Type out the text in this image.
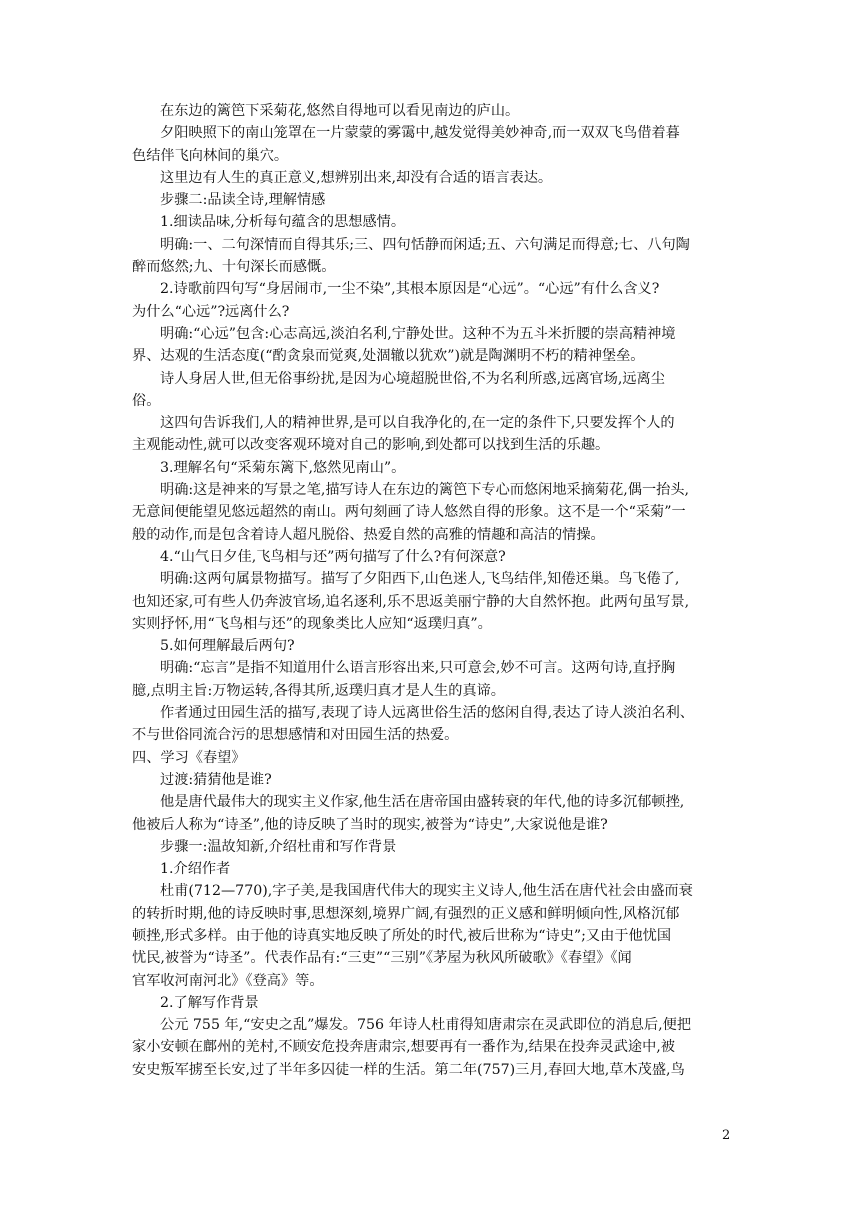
在东边的篱笆下采菊花,悠然自得地可以看见南边的庐山。
夕阳映照下的南山笼罩在一片蒙蒙的雾霭中,越发觉得美妙神奇,而一双双飞鸟借着暮
色结伴飞向林间的巢穴。
这里边有人生的真正意义,想辨别出来,却没有合适的语言表达。
步骤二:品读全诗,理解情感
1.细读品味,分析每句蕴含的思想感情。
明确:一、二句深情而自得其乐;三、四句恬静而闲适;五、六句满足而得意;七、八句陶
醉而悠然;九、十句深长而感慨。
2.诗歌前四句写“身居闹市,一尘不染”,其根本原因是“心远”。“心远”有什么含义?
为什么“心远”?远离什么?
明确:“心远”包含:心志高远,淡泊名利,宁静处世。这种不为五斗米折腰的崇高精神境
界、达观的生活态度(“酌贪泉而觉爽,处涸辙以犹欢”)就是陶渊明不朽的精神堡垒。
诗人身居人世,但无俗事纷扰,是因为心境超脱世俗,不为名利所惑,远离官场,远离尘
俗。
这四句告诉我们,人的精神世界,是可以自我净化的,在一定的条件下,只要发挥个人的
主观能动性,就可以改变客观环境对自己的影响,到处都可以找到生活的乐趣。
3.理解名句“采菊东篱下,悠然见南山”。
明确:这是神来的写景之笔,描写诗人在东边的篱笆下专心而悠闲地采摘菊花,偶一抬头,
无意间便能望见悠远超然的南山。两句刻画了诗人悠然自得的形象。这不是一个“采菊”一
般的动作,而是包含着诗人超凡脱俗、热爱自然的高雅的情趣和高洁的情操。
4.“山气日夕佳,飞鸟相与还”两句描写了什么?有何深意?
明确:这两句属景物描写。描写了夕阳西下,山色迷人,飞鸟结伴,知倦还巢。鸟飞倦了,
也知还家,可有些人仍奔波官场,追名逐利,乐不思返美丽宁静的大自然怀抱。此两句虽写景,
实则抒怀,用“飞鸟相与还”的现象类比人应知“返璞归真”。
5.如何理解最后两句?
明确:“忘言”是指不知道用什么语言形容出来,只可意会,妙不可言。这两句诗,直抒胸
臆,点明主旨:万物运转,各得其所,返璞归真才是人生的真谛。
作者通过田园生活的描写,表现了诗人远离世俗生活的悠闲自得,表达了诗人淡泊名利、
不与世俗同流合污的思想感情和对田园生活的热爱。
四、学习《春望》
过渡:猜猜他是谁?
他是唐代最伟大的现实主义作家,他生活在唐帝国由盛转衰的年代,他的诗多沉郁顿挫,
他被后人称为“诗圣”,他的诗反映了当时的现实,被誉为“诗史”,大家说他是谁?
步骤一:温故知新,介绍杜甫和写作背景
1.介绍作者
杜甫(712—770),字子美,是我国唐代伟大的现实主义诗人,他生活在唐代社会由盛而衰
的转折时期,他的诗反映时事,思想深刻,境界广阔,有强烈的正义感和鲜明倾向性,风格沉郁
顿挫,形式多样。由于他的诗真实地反映了所处的时代,被后世称为“诗史”;又由于他忧国
忧民,被誉为“诗圣”。代表作品有:“三吏”“三别”《茅屋为秋风所破歌》《春望》《闻
官军收河南河北》《登高》等。
2.了解写作背景
公元 755 年,“安史之乱”爆发。756 年诗人杜甫得知唐肃宗在灵武即位的消息后,便把
家小安顿在鄜州的羌村,不顾安危投奔唐肃宗,想要再有一番作为,结果在投奔灵武途中,被
安史叛军掳至长安,过了半年多囚徒一样的生活。第二年(757)三月,春回大地,草木茂盛,鸟
2
